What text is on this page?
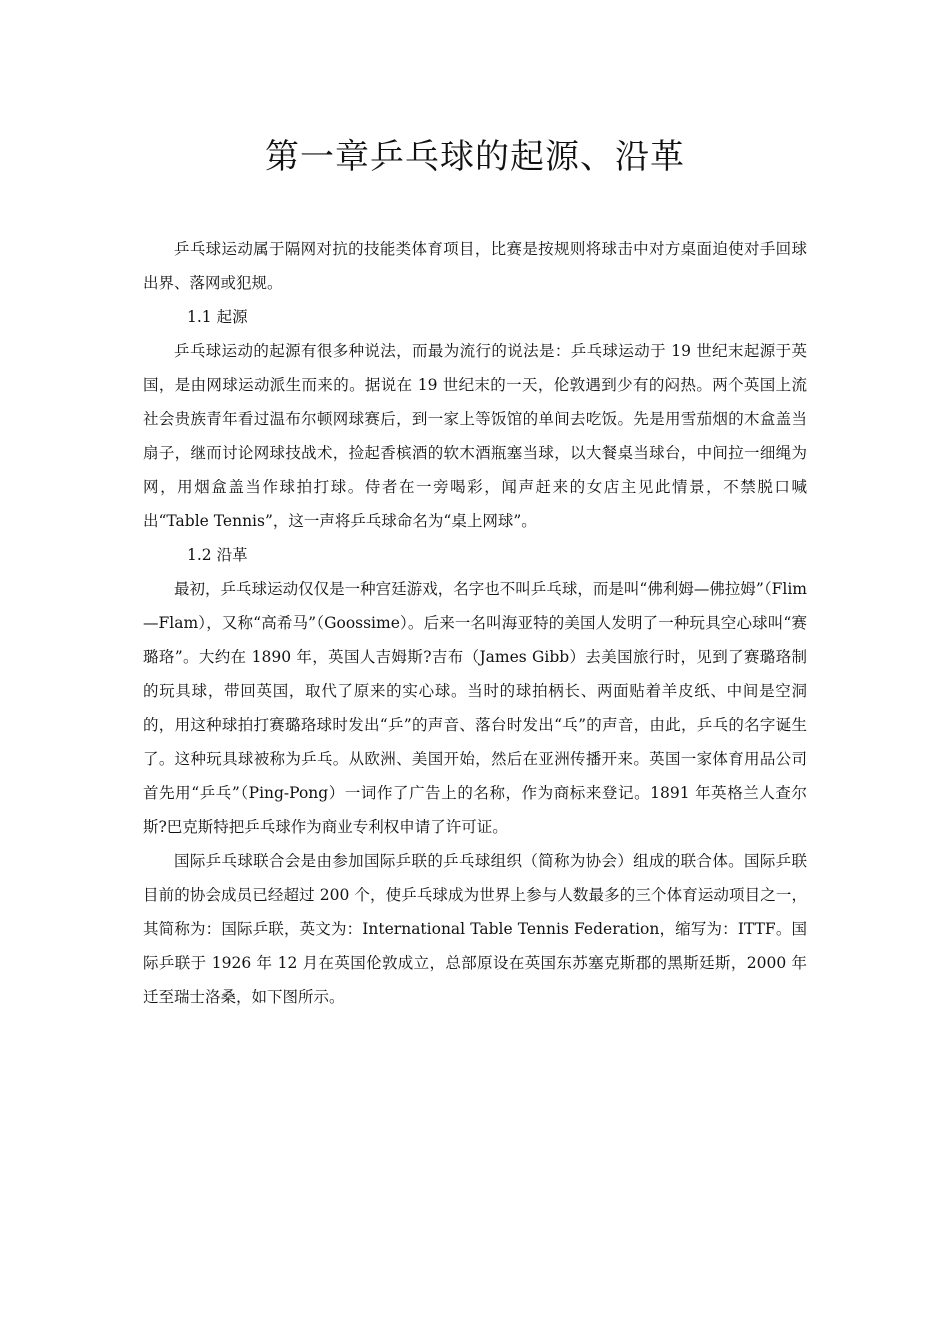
第一章乒乓球的起源、沿革

乒乓球运动属于隔网对抗的技能类体育项目，比赛是按规则将球击中对方桌面迫使对手回球出界、落网或犯规。

1.1 起源

乒乓球运动的起源有很多种说法，而最为流行的说法是：乒乓球运动于 19 世纪末起源于英国，是由网球运动派生而来的。据说在 19 世纪末的一天，伦敦遇到少有的闷热。两个英国上流社会贵族青年看过温布尔顿网球赛后，到一家上等饭馆的单间去吃饭。先是用雪茄烟的木盒盖当扇子，继而讨论网球技战术，捡起香槟酒的软木酒瓶塞当球，以大餐桌当球台，中间拉一细绳为网，用烟盒盖当作球拍打球。侍者在一旁喝彩，闻声赶来的女店主见此情景，不禁脱口喊出“Table Tennis”，这一声将乒乓球命名为“桌上网球”。

1.2 沿革

最初，乒乓球运动仅仅是一种宫廷游戏，名字也不叫乒乓球，而是叫“佛利姆—佛拉姆”（Flim—Flam），又称“高希马”（Goossime）。后来一名叫海亚特的美国人发明了一种玩具空心球叫“赛璐珞”。大约在 1890 年，英国人吉姆斯?吉布（James Gibb）去美国旅行时，见到了赛璐珞制的玩具球，带回英国，取代了原来的实心球。当时的球拍柄长、两面贴着羊皮纸、中间是空洞的，用这种球拍打赛璐珞球时发出“乒”的声音、落台时发出“乓”的声音，由此，乒乓的名字诞生了。这种玩具球被称为乒乓。从欧洲、美国开始，然后在亚洲传播开来。英国一家体育用品公司首先用“乒乓”（Ping-Pong）一词作了广告上的名称，作为商标来登记。1891 年英格兰人查尔斯?巴克斯特把乒乓球作为商业专利权申请了许可证。

国际乒乓球联合会是由参加国际乒联的乒乓球组织（简称为协会）组成的联合体。国际乒联目前的协会成员已经超过 200 个，使乒乓球成为世界上参与人数最多的三个体育运动项目之一，其简称为：国际乒联，英文为：International Table Tennis Federation，缩写为：ITTF。国际乒联于 1926 年 12 月在英国伦敦成立，总部原设在英国东苏塞克斯郡的黑斯廷斯，2000 年迁至瑞士洛桑，如下图所示。
